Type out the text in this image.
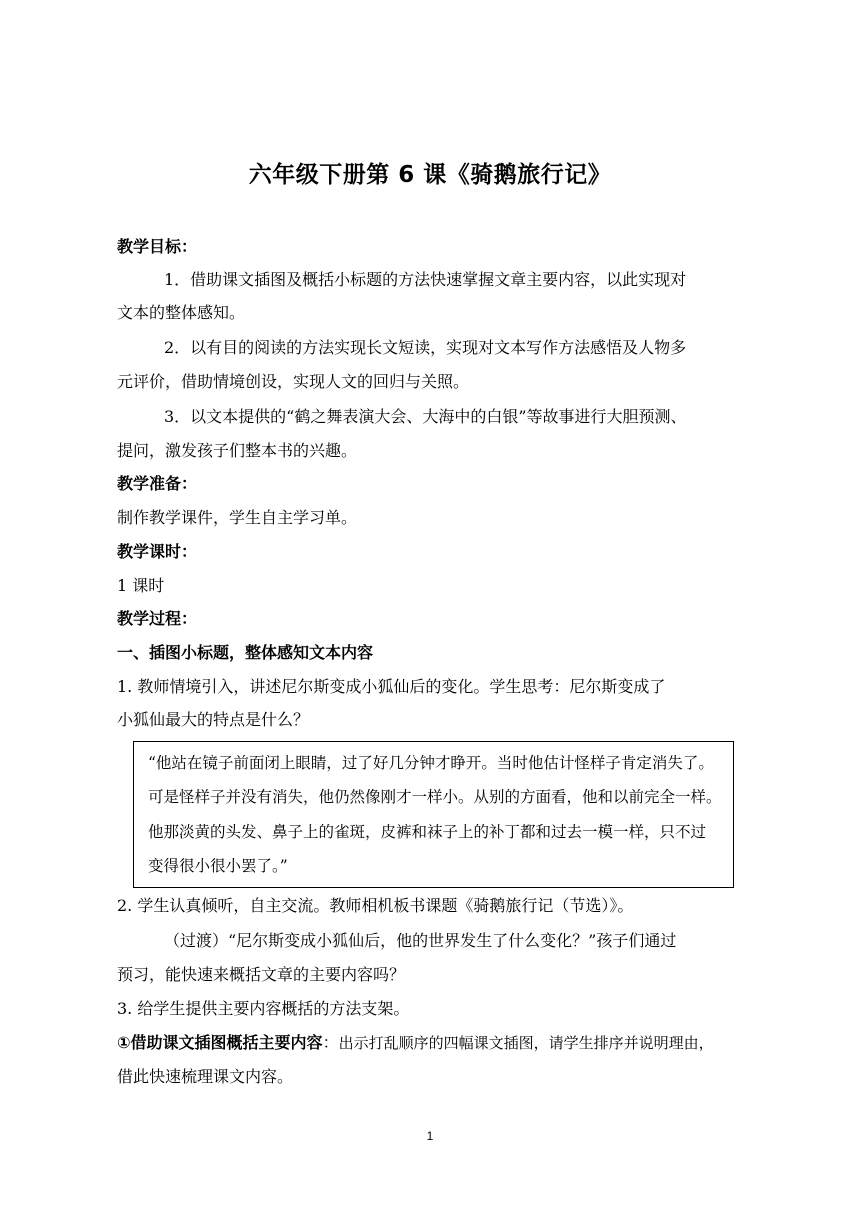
六年级下册第 6 课《骑鹅旅行记》
教学目标：
1．借助课文插图及概括小标题的方法快速掌握文章主要内容，以此实现对
文本的整体感知。
2．以有目的阅读的方法实现长文短读，实现对文本写作方法感悟及人物多
元评价，借助情境创设，实现人文的回归与关照。
3．以文本提供的“鹤之舞表演大会、大海中的白银”等故事进行大胆预测、
提问，激发孩子们整本书的兴趣。
教学准备：
制作教学课件，学生自主学习单。
教学课时：
1 课时
教学过程：
一、插图小标题，整体感知文本内容
1. 教师情境引入，讲述尼尔斯变成小狐仙后的变化。学生思考：尼尔斯变成了
小狐仙最大的特点是什么？
“他站在镜子前面闭上眼睛，过了好几分钟才睁开。当时他估计怪样子肯定消失了。
可是怪样子并没有消失，他仍然像刚才一样小。从别的方面看，他和以前完全一样。
他那淡黄的头发、鼻子上的雀斑，皮裤和袜子上的补丁都和过去一模一样，只不过
变得很小很小罢了。”
2. 学生认真倾听，自主交流。教师相机板书课题《骑鹅旅行记（节选）》。
（过渡）“尼尔斯变成小狐仙后，他的世界发生了什么变化？”孩子们通过
预习，能快速来概括文章的主要内容吗？
3. 给学生提供主要内容概括的方法支架。
①借助课文插图概括主要内容：出示打乱顺序的四幅课文插图，请学生排序并说明理由，
借此快速梳理课文内容。
1
